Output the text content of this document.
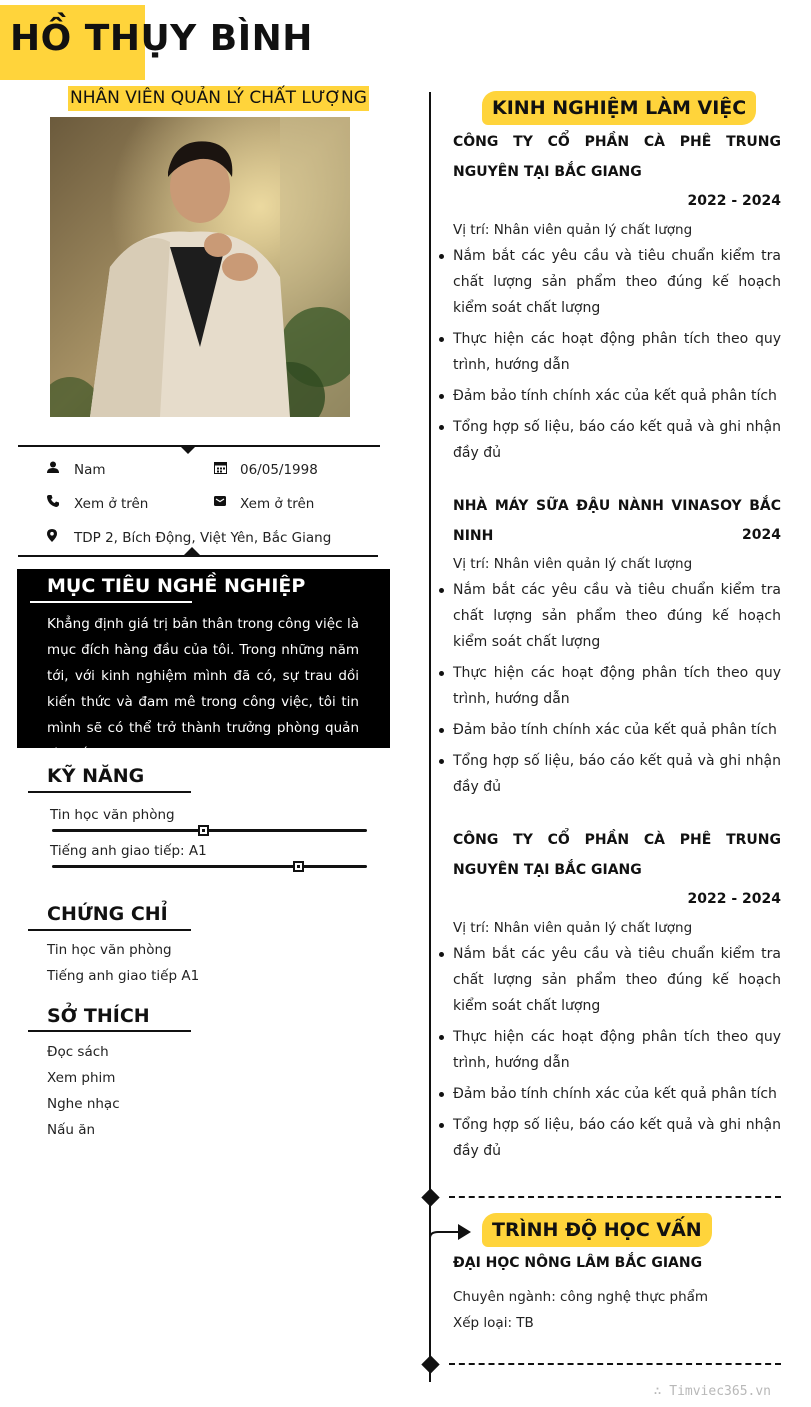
HỒ THỤY BÌNH
NHÂN VIÊN QUẢN LÝ CHẤT LƯỢNG
Nam	06/05/1998
Xem ở trên	Xem ở trên
TDP 2, Bích Động, Việt Yên, Bắc Giang
MỤC TIÊU NGHỀ NGHIỆP
Khẳng định giá trị bản thân trong công việc là mục đích hàng đầu của tôi. Trong những năm tới, với kinh nghiệm mình đã có, sự trau dồi kiến thức và đam mê trong công việc, tôi tin mình sẽ có thể trở thành trưởng phòng quản lý chất lươngk
KỸ NĂNG
Tin học văn phòng
Tiếng anh giao tiếp: A1
CHỨNG CHỈ
Tin học văn phòng
Tiếng anh giao tiếp A1
SỞ THÍCH
Đọc sách
Xem phim
Nghe nhạc
Nấu ăn
KINH NGHIỆM LÀM VIỆC
CÔNG TY CỔ PHẦN CÀ PHÊ TRUNG NGUYÊN TẠI BẮC GIANG
2022 - 2024
Vị trí: Nhân viên quản lý chất lượng
Nắm bắt các yêu cầu và tiêu chuẩn kiểm tra chất lượng sản phẩm theo đúng kế hoạch kiểm soát chất lượng
Thực hiện các hoạt động phân tích theo quy trình, hướng dẫn
Đảm bảo tính chính xác của kết quả phân tích
Tổng hợp số liệu, báo cáo kết quả và ghi nhận đầy đủ
NHÀ MÁY SỮA ĐẬU NÀNH VINASOY BẮC NINH	2024
Vị trí: Nhân viên quản lý chất lượng
Nắm bắt các yêu cầu và tiêu chuẩn kiểm tra chất lượng sản phẩm theo đúng kế hoạch kiểm soát chất lượng
Thực hiện các hoạt động phân tích theo quy trình, hướng dẫn
Đảm bảo tính chính xác của kết quả phân tích
Tổng hợp số liệu, báo cáo kết quả và ghi nhận đầy đủ
CÔNG TY CỔ PHẦN CÀ PHÊ TRUNG NGUYÊN TẠI BẮC GIANG
2022 - 2024
Vị trí: Nhân viên quản lý chất lượng
Nắm bắt các yêu cầu và tiêu chuẩn kiểm tra chất lượng sản phẩm theo đúng kế hoạch kiểm soát chất lượng
Thực hiện các hoạt động phân tích theo quy trình, hướng dẫn
Đảm bảo tính chính xác của kết quả phân tích
Tổng hợp số liệu, báo cáo kết quả và ghi nhận đầy đủ
TRÌNH ĐỘ HỌC VẤN
ĐẠI HỌC NÔNG LÂM BẮC GIANG
Chuyên ngành: công nghệ thực phẩm
Xếp loại: TB
∴ Timviec365.vn
